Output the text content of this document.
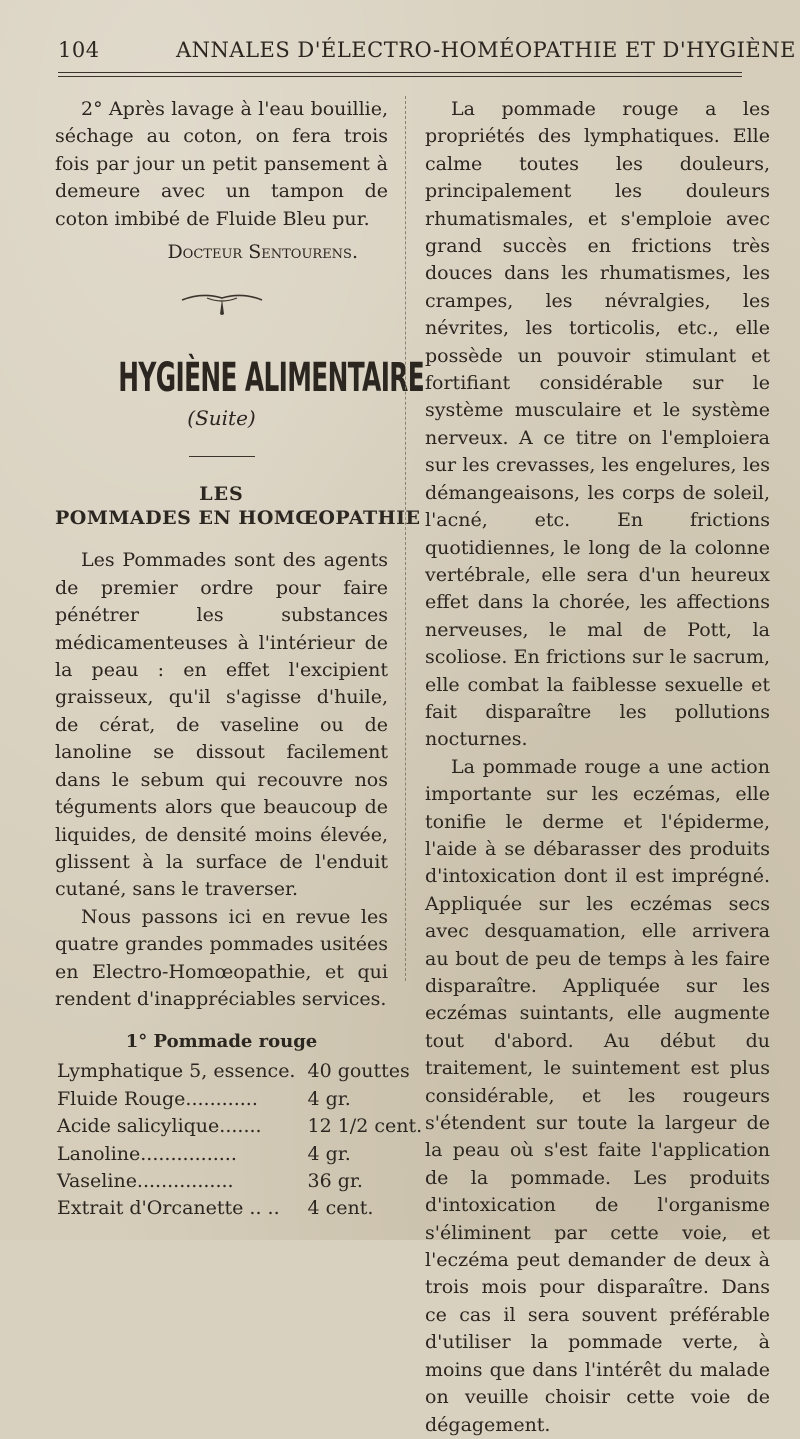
104	ANNALES D'ÉLECTRO-HOMÉOPATHIE ET D'HYGIÈNE

2° Après lavage à l'eau bouillie, séchage au coton, on fera trois fois par jour un petit pansement à demeure avec un tampon de coton imbibé de Fluide Bleu pur.

Docteur Sentourens.

HYGIÈNE ALIMENTAIRE
(Suite)
LES
POMMADES EN HOMŒOPATHIE

Les Pommades sont des agents de premier ordre pour faire pénétrer les substances médicamenteuses à l'intérieur de la peau : en effet l'excipient graisseux, qu'il s'agisse d'huile, de cérat, de vaseline ou de lanoline se dissout facilement dans le sebum qui recouvre nos téguments alors que beaucoup de liquides, de densité moins élevée, glissent à la surface de l'enduit cutané, sans le traverser.

Nous passons ici en revue les quatre grandes pommades usitées en Electro-Homœopathie, et qui rendent d'inappréciables services.

1° Pommade rouge
Lymphatique 5, essence.	40 gouttes
Fluide Rouge............	4 gr.
Acide salicylique.......	12 1/2 cent.
Lanoline................	4 gr.
Vaseline................	36 gr.
Extrait d'Orcanette .. ..	4 cent.

La pommade rouge a les propriétés des lymphatiques. Elle calme toutes les douleurs, principalement les douleurs rhumatismales, et s'emploie avec grand succès en frictions très douces dans les rhumatismes, les crampes, les névralgies, les névrites, les torticolis, etc., elle possède un pouvoir stimulant et fortifiant considérable sur le système musculaire et le système nerveux. A ce titre on l'emploiera sur les crevasses, les engelures, les démangeaisons, les corps de soleil, l'acné, etc. En frictions quotidiennes, le long de la colonne vertébrale, elle sera d'un heureux effet dans la chorée, les affections nerveuses, le mal de Pott, la scoliose. En frictions sur le sacrum, elle combat la faiblesse sexuelle et fait disparaître les pollutions nocturnes.

La pommade rouge a une action importante sur les eczémas, elle tonifie le derme et l'épiderme, l'aide à se débarasser des produits d'intoxication dont il est imprégné. Appliquée sur les eczémas secs avec desquamation, elle arrivera au bout de peu de temps à les faire disparaître. Appliquée sur les eczémas suintants, elle augmente tout d'abord. Au début du traitement, le suintement est plus considérable, et les rougeurs s'étendent sur toute la largeur de la peau où s'est faite l'application de la pommade. Les produits d'intoxication de l'organisme s'éliminent par cette voie, et l'eczéma peut demander de deux à trois mois pour disparaître. Dans ce cas il sera souvent préférable d'utiliser la pommade verte, à moins que dans l'intérêt du malade on veuille choisir cette voie de dégagement.
